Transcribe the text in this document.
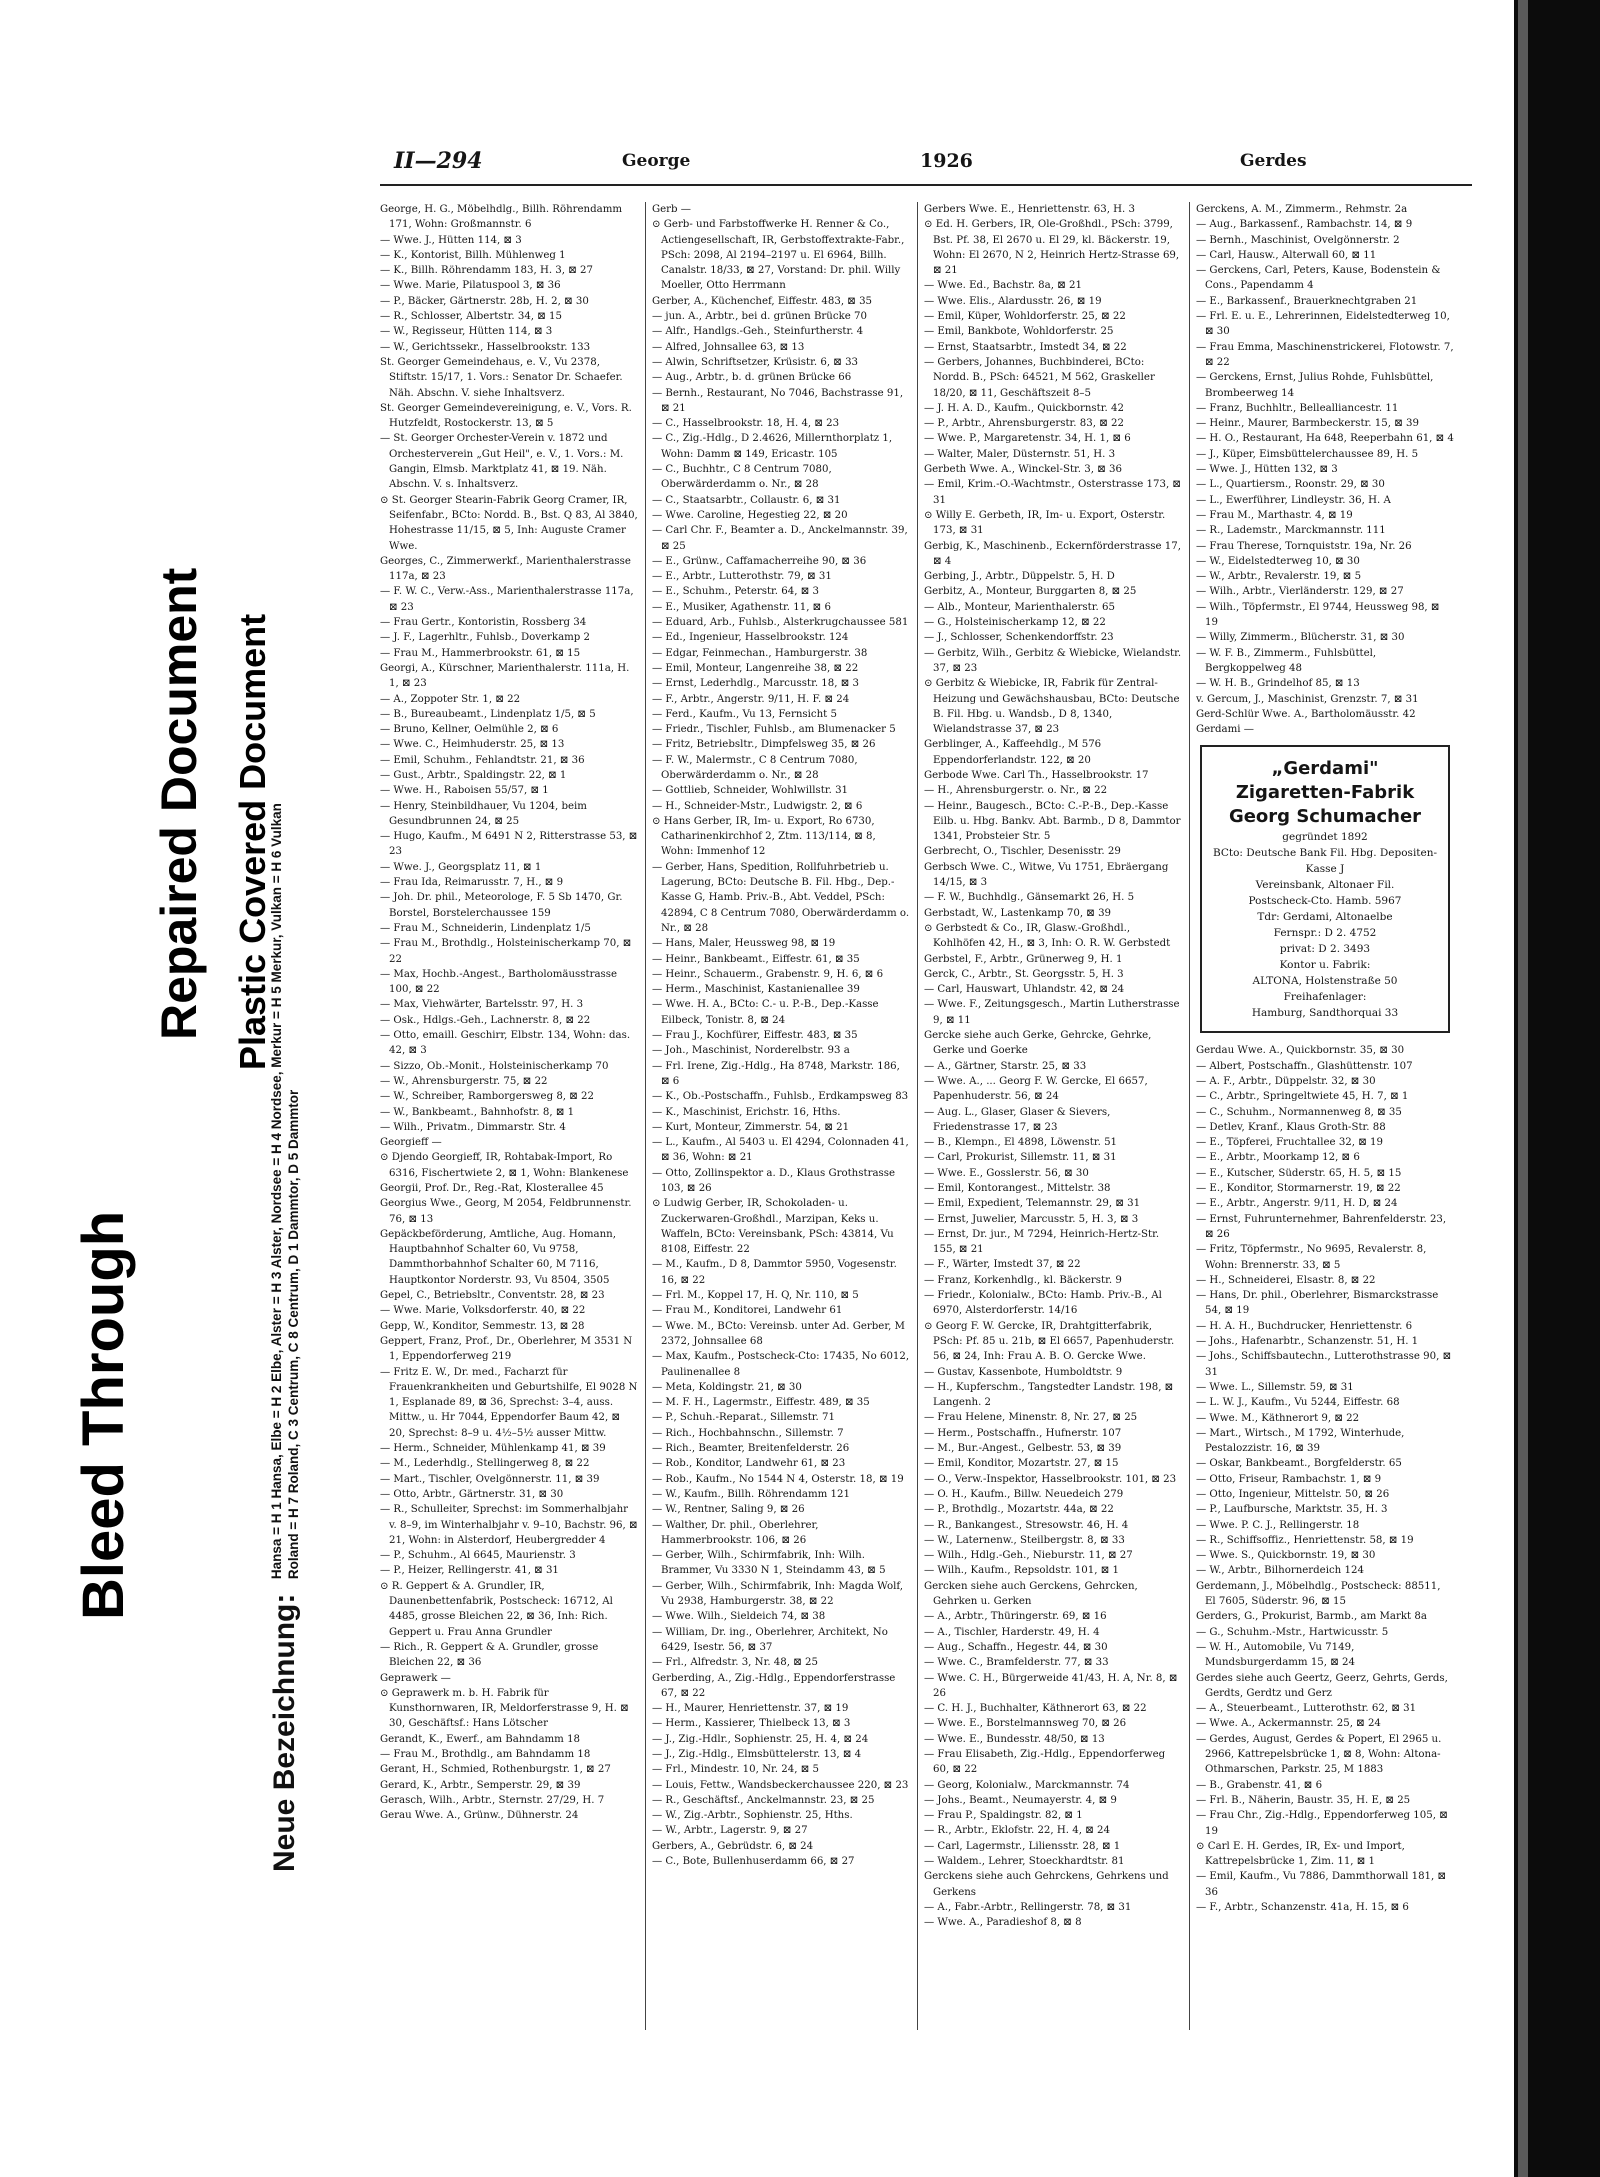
Bleed Through
Repaired Document Plastic Covered Document
Neue Bezeichnung: Hansa = H 1 Hansa, Elbe = H 2 Elbe, Alster = H 3 Alster, Nordsee = H 4 Nordsee, Merkur = H 5 Merkur, Vulkan = H 6 Vulkan Roland = H 7 Roland, C 3 Centrum, C 8 Centrum, D 1 Dammtor, D 5 Dammtor
II—294	George	1926	Gerdes

George, H. G., Möbelhdlg., Billh. Röhrendamm 171, Wohn: Großmannstr. 6

— Wwe. J., Hütten 114, ⊠ 3

— K., Kontorist, Billh. Mühlenweg 1

— K., Billh. Röhrendamm 183, H. 3, ⊠ 27

— Wwe. Marie, Pilatuspool 3, ⊠ 36

— P., Bäcker, Gärtnerstr. 28b, H. 2, ⊠ 30

— R., Schlosser, Albertstr. 34, ⊠ 15

— W., Regisseur, Hütten 114, ⊠ 3

— W., Gerichtssekr., Hasselbrookstr. 133

St. Georger Gemeindehaus, e. V., Vu 2378, Stiftstr. 15/17, 1. Vors.: Senator Dr. Schaefer. Näh. Abschn. V. siehe Inhaltsverz.

St. Georger Gemeindevereinigung, e. V., Vors. R. Hutzfeldt, Rostockerstr. 13, ⊠ 5

— St. Georger Orchester-Verein v. 1872 und Orchesterverein „Gut Heil", e. V., 1. Vors.: M. Gangin, Elmsb. Marktplatz 41, ⊠ 19. Näh. Abschn. V. s. Inhaltsverz.

⊙ St. Georger Stearin-Fabrik Georg Cramer, IR, Seifenfabr., BCto: Nordd. B., Bst. Q 83, Al 3840, Hohestrasse 11/15, ⊠ 5, Inh: Auguste Cramer Wwe.

Georges, C., Zimmerwerkf., Marienthalerstrasse 117a, ⊠ 23

— F. W. C., Verw.-Ass., Marienthalerstrasse 117a, ⊠ 23

— Frau Gertr., Kontoristin, Rossberg 34

— J. F., Lagerhltr., Fuhlsb., Doverkamp 2

— Frau M., Hammerbrookstr. 61, ⊠ 15

Georgi, A., Kürschner, Marienthalerstr. 111a, H. 1, ⊠ 23

— A., Zoppoter Str. 1, ⊠ 22

— B., Bureaubeamt., Lindenplatz 1/5, ⊠ 5

— Bruno, Kellner, Oelmühle 2, ⊠ 6

— Wwe. C., Heimhuderstr. 25, ⊠ 13

— Emil, Schuhm., Fehlandtstr. 21, ⊠ 36

— Gust., Arbtr., Spaldingstr. 22, ⊠ 1

— Wwe. H., Raboisen 55/57, ⊠ 1

— Henry, Steinbildhauer, Vu 1204, beim Gesundbrunnen 24, ⊠ 25

— Hugo, Kaufm., M 6491 N 2, Ritterstrasse 53, ⊠ 23

— Wwe. J., Georgsplatz 11, ⊠ 1

— Frau Ida, Reimarusstr. 7, H., ⊠ 9

— Joh. Dr. phil., Meteorologe, F. 5 Sb 1470, Gr. Borstel, Borstelerchaussee 159

— Frau M., Schneiderin, Lindenplatz 1/5

— Frau M., Brothdlg., Holsteinischerkamp 70, ⊠ 22

— Max, Hochb.-Angest., Bartholomäusstrasse 100, ⊠ 22

— Max, Viehwärter, Bartelsstr. 97, H. 3

— Osk., Hdlgs.-Geh., Lachnerstr. 8, ⊠ 22

— Otto, emaill. Geschirr, Elbstr. 134, Wohn: das. 42, ⊠ 3

— Sizzo, Ob.-Monit., Holsteinischerkamp 70

— W., Ahrensburgerstr. 75, ⊠ 22

— W., Schreiber, Ramborgersweg 8, ⊠ 22

— W., Bankbeamt., Bahnhofstr. 8, ⊠ 1

— Wilh., Privatm., Dimmarstr. Str. 4

Georgieff —

⊙ Djendo Georgieff, IR, Rohtabak-Import, Ro 6316, Fischertwiete 2, ⊠ 1, Wohn: Blankenese

Georgii, Prof. Dr., Reg.-Rat, Klosterallee 45

Georgius Wwe., Georg, M 2054, Feldbrunnenstr. 76, ⊠ 13

Gepäckbeförderung, Amtliche, Aug. Homann, Hauptbahnhof Schalter 60, Vu 9758, Dammthorbahnhof Schalter 60, M 7116, Hauptkontor Norderstr. 93, Vu 8504, 3505

Gepel, C., Betriebsltr., Conventstr. 28, ⊠ 23

— Wwe. Marie, Volksdorferstr. 40, ⊠ 22

Gepp, W., Konditor, Semmestr. 13, ⊠ 28

Geppert, Franz, Prof., Dr., Oberlehrer, M 3531 N 1, Eppendorferweg 219

— Fritz E. W., Dr. med., Facharzt für Frauenkrankheiten und Geburtshilfe, El 9028 N 1, Esplanade 89, ⊠ 36, Sprechst: 3–4, auss. Mittw., u. Hr 7044, Eppendorfer Baum 42, ⊠ 20, Sprechst: 8–9 u. 4½–5½ ausser Mittw.

— Herm., Schneider, Mühlenkamp 41, ⊠ 39

— M., Lederhdlg., Stellingerweg 8, ⊠ 22

— Mart., Tischler, Ovelgönnerstr. 11, ⊠ 39

— Otto, Arbtr., Gärtnerstr. 31, ⊠ 30

— R., Schulleiter, Sprechst: im Sommerhalbjahr v. 8–9, im Winterhalbjahr v. 9–10, Bachstr. 96, ⊠ 21, Wohn: in Alsterdorf, Heubergredder 4

— P., Schuhm., Al 6645, Maurienstr. 3

— P., Heizer, Rellingerstr. 41, ⊠ 31

⊙ R. Geppert & A. Grundler, IR, Daunenbettenfabrik, Postscheck: 16712, Al 4485, grosse Bleichen 22, ⊠ 36, Inh: Rich. Geppert u. Frau Anna Grundler

— Rich., R. Geppert & A. Grundler, grosse Bleichen 22, ⊠ 36

Geprawerk —

⊙ Geprawerk m. b. H. Fabrik für Kunsthornwaren, IR, Meldorferstrasse 9, H. ⊠ 30, Geschäftsf.: Hans Lötscher

Gerandt, K., Ewerf., am Bahndamm 18

— Frau M., Brothdlg., am Bahndamm 18

Gerant, H., Schmied, Rothenburgstr. 1, ⊠ 27

Gerard, K., Arbtr., Semperstr. 29, ⊠ 39

Gerasch, Wilh., Arbtr., Sternstr. 27/29, H. 7

Gerau Wwe. A., Grünw., Dühnerstr. 24

Gerb —

⊙ Gerb- und Farbstoffwerke H. Renner & Co., Actiengesellschaft, IR, Gerbstoffextrakte-Fabr., PSch: 2098, Al 2194–2197 u. El 6964, Billh. Canalstr. 18/33, ⊠ 27, Vorstand: Dr. phil. Willy Moeller, Otto Herrmann

Gerber, A., Küchenchef, Eiffestr. 483, ⊠ 35

— jun. A., Arbtr., bei d. grünen Brücke 70

— Alfr., Handlgs.-Geh., Steinfurtherstr. 4

— Alfred, Johnsallee 63, ⊠ 13

— Alwin, Schriftsetzer, Krüsistr. 6, ⊠ 33

— Aug., Arbtr., b. d. grünen Brücke 66

— Bernh., Restaurant, No 7046, Bachstrasse 91, ⊠ 21

— C., Hasselbrookstr. 18, H. 4, ⊠ 23

— C., Zig.-Hdlg., D 2.4626, Millernthorplatz 1, Wohn: Damm ⊠ 149, Ericastr. 105

— C., Buchhtr., C 8 Centrum 7080, Oberwärderdamm o. Nr., ⊠ 28

— C., Staatsarbtr., Collaustr. 6, ⊠ 31

— Wwe. Caroline, Hegestieg 22, ⊠ 20

— Carl Chr. F., Beamter a. D., Anckelmannstr. 39, ⊠ 25

— E., Grünw., Caffamacherreihe 90, ⊠ 36

— E., Arbtr., Lutterothstr. 79, ⊠ 31

— E., Schuhm., Peterstr. 64, ⊠ 3

— E., Musiker, Agathenstr. 11, ⊠ 6

— Eduard, Arb., Fuhlsb., Alsterkrugchaussee 581

— Ed., Ingenieur, Hasselbrookstr. 124

— Edgar, Feinmechan., Hamburgerstr. 38

— Emil, Monteur, Langenreihe 38, ⊠ 22

— Ernst, Lederhdlg., Marcusstr. 18, ⊠ 3

— F., Arbtr., Angerstr. 9/11, H. F. ⊠ 24

— Ferd., Kaufm., Vu 13, Fernsicht 5

— Friedr., Tischler, Fuhlsb., am Blumenacker 5

— Fritz, Betriebsltr., Dimpfelsweg 35, ⊠ 26

— F. W., Malermstr., C 8 Centrum 7080, Oberwärderdamm o. Nr., ⊠ 28

— Gottlieb, Schneider, Wohlwillstr. 31

— H., Schneider-Mstr., Ludwigstr. 2, ⊠ 6

⊙ Hans Gerber, IR, Im- u. Export, Ro 6730, Catharinenkirchhof 2, Ztm. 113/114, ⊠ 8, Wohn: Immenhof 12

— Gerber, Hans, Spedition, Rollfuhrbetrieb u. Lagerung, BCto: Deutsche B. Fil. Hbg., Dep.-Kasse G, Hamb. Priv.-B., Abt. Veddel, PSch: 42894, C 8 Centrum 7080, Oberwärderdamm o. Nr., ⊠ 28

— Hans, Maler, Heussweg 98, ⊠ 19

— Heinr., Bankbeamt., Eiffestr. 61, ⊠ 35

— Heinr., Schauerm., Grabenstr. 9, H. 6, ⊠ 6

— Herm., Maschinist, Kastanienallee 39

— Wwe. H. A., BCto: C.- u. P.-B., Dep.-Kasse Eilbeck, Tonistr. 8, ⊠ 24

— Frau J., Kochfürer, Eiffestr. 483, ⊠ 35

— Joh., Maschinist, Norderelbstr. 93 a

— Frl. Irene, Zig.-Hdlg., Ha 8748, Markstr. 186, ⊠ 6

— K., Ob.-Postschaffn., Fuhlsb., Erdkampsweg 83

— K., Maschinist, Erichstr. 16, Hths.

— Kurt, Monteur, Zimmerstr. 54, ⊠ 21

— L., Kaufm., Al 5403 u. El 4294, Colonnaden 41, ⊠ 36, Wohn: ⊠ 21

— Otto, Zollinspektor a. D., Klaus Grothstrasse 103, ⊠ 26

⊙ Ludwig Gerber, IR, Schokoladen- u. Zuckerwaren-Großhdl., Marzipan, Keks u. Waffeln, BCto: Vereinsbank, PSch: 43814, Vu 8108, Eiffestr. 22

— M., Kaufm., D 8, Dammtor 5950, Vogesenstr. 16, ⊠ 22

— Frl. M., Koppel 17, H. Q, Nr. 110, ⊠ 5

— Frau M., Konditorei, Landwehr 61

— Wwe. M., BCto: Vereinsb. unter Ad. Gerber, M 2372, Johnsallee 68

— Max, Kaufm., Postscheck-Cto: 17435, No 6012, Paulinenallee 8

— Meta, Koldingstr. 21, ⊠ 30

— M. F. H., Lagermstr., Eiffestr. 489, ⊠ 35

— P., Schuh.-Reparat., Sillemstr. 71

— Rich., Hochbahnschn., Sillemstr. 7

— Rich., Beamter, Breitenfelderstr. 26

— Rob., Konditor, Landwehr 61, ⊠ 23

— Rob., Kaufm., No 1544 N 4, Osterstr. 18, ⊠ 19

— W., Kaufm., Billh. Röhrendamm 121

— W., Rentner, Saling 9, ⊠ 26

— Walther, Dr. phil., Oberlehrer, Hammerbrookstr. 106, ⊠ 26

— Gerber, Wilh., Schirmfabrik, Inh: Wilh. Brammer, Vu 3330 N 1, Steindamm 43, ⊠ 5

— Gerber, Wilh., Schirmfabrik, Inh: Magda Wolf, Vu 2938, Hamburgerstr. 38, ⊠ 22

— Wwe. Wilh., Sieldeich 74, ⊠ 38

— William, Dr. ing., Oberlehrer, Architekt, No 6429, Isestr. 56, ⊠ 37

— Frl., Alfredstr. 3, Nr. 48, ⊠ 25

Gerberding, A., Zig.-Hdlg., Eppendorferstrasse 67, ⊠ 22

— H., Maurer, Henriettenstr. 37, ⊠ 19

— Herm., Kassierer, Thielbeck 13, ⊠ 3

— J., Zig.-Hdlr., Sophienstr. 25, H. 4, ⊠ 24

— J., Zig.-Hdlg., Elmsbüttelerstr. 13, ⊠ 4

— Frl., Mindestr. 10, Nr. 24, ⊠ 5

— Louis, Fettw., Wandsbeckerchaussee 220, ⊠ 23

— R., Geschäftsf., Anckelmannstr. 23, ⊠ 25

— W., Zig.-Arbtr., Sophienstr. 25, Hths.

— W., Arbtr., Lagerstr. 9, ⊠ 27

Gerbers, A., Gebrüdstr. 6, ⊠ 24

— C., Bote, Bullenhuserdamm 66, ⊠ 27

Gerbers Wwe. E., Henriettenstr. 63, H. 3

⊙ Ed. H. Gerbers, IR, Ole-Großhdl., PSch: 3799, Bst. Pf. 38, El 2670 u. El 29, kl. Bäckerstr. 19, Wohn: El 2670, N 2, Heinrich Hertz-Strasse 69, ⊠ 21

— Wwe. Ed., Bachstr. 8a, ⊠ 21

— Wwe. Elis., Alardusstr. 26, ⊠ 19

— Emil, Küper, Wohldorferstr. 25, ⊠ 22

— Emil, Bankbote, Wohldorferstr. 25

— Ernst, Staatsarbtr., Imstedt 34, ⊠ 22

— Gerbers, Johannes, Buchbinderei, BCto: Nordd. B., PSch: 64521, M 562, Graskeller 18/20, ⊠ 11, Geschäftszeit 8–5

— J. H. A. D., Kaufm., Quickbornstr. 42

— P., Arbtr., Ahrensburgerstr. 83, ⊠ 22

— Wwe. P., Margaretenstr. 34, H. 1, ⊠ 6

— Walter, Maler, Düsternstr. 51, H. 3

Gerbeth Wwe. A., Winckel-Str. 3, ⊠ 36

— Emil, Krim.-O.-Wachtmstr., Osterstrasse 173, ⊠ 31

⊙ Willy E. Gerbeth, IR, Im- u. Export, Osterstr. 173, ⊠ 31

Gerbig, K., Maschinenb., Eckernförderstrasse 17, ⊠ 4

Gerbing, J., Arbtr., Düppelstr. 5, H. D

Gerbitz, A., Monteur, Burggarten 8, ⊠ 25

— Alb., Monteur, Marienthalerstr. 65

— G., Holsteinischerkamp 12, ⊠ 22

— J., Schlosser, Schenkendorffstr. 23

— Gerbitz, Wilh., Gerbitz & Wiebicke, Wielandstr. 37, ⊠ 23

⊙ Gerbitz & Wiebicke, IR, Fabrik für Zentral-Heizung und Gewächshausbau, BCto: Deutsche B. Fil. Hbg. u. Wandsb., D 8, 1340, Wielandstrasse 37, ⊠ 23

Gerblinger, A., Kaffeehdlg., M 576 Eppendorferlandstr. 122, ⊠ 20

Gerbode Wwe. Carl Th., Hasselbrookstr. 17

— H., Ahrensburgerstr. o. Nr., ⊠ 22

— Heinr., Baugesch., BCto: C.-P.-B., Dep.-Kasse Eilb. u. Hbg. Bankv. Abt. Barmb., D 8, Dammtor 1341, Probsteier Str. 5

Gerbrecht, O., Tischler, Desenisstr. 29

Gerbsch Wwe. C., Witwe, Vu 1751, Ebräergang 14/15, ⊠ 3

— F. W., Buchhdlg., Gänsemarkt 26, H. 5

Gerbstadt, W., Lastenkamp 70, ⊠ 39

⊙ Gerbstedt & Co., IR, Glasw.-Großhdl., Kohlhöfen 42, H., ⊠ 3, Inh: O. R. W. Gerbstedt

Gerbstel, F., Arbtr., Grünerweg 9, H. 1

Gerck, C., Arbtr., St. Georgsstr. 5, H. 3

— Carl, Hauswart, Uhlandstr. 42, ⊠ 24

— Wwe. F., Zeitungsgesch., Martin Lutherstrasse 9, ⊠ 11

Gercke siehe auch Gerke, Gehrcke, Gehrke, Gerke und Goerke

— A., Gärtner, Starstr. 25, ⊠ 33

— Wwe. A., ... Georg F. W. Gercke, El 6657, Papenhuderstr. 56, ⊠ 24

— Aug. L., Glaser, Glaser & Sievers, Friedenstrasse 17, ⊠ 23

— B., Klempn., El 4898, Löwenstr. 51

— Carl, Prokurist, Sillemstr. 11, ⊠ 31

— Wwe. E., Gosslerstr. 56, ⊠ 30

— Emil, Kontorangest., Mittelstr. 38

— Emil, Expedient, Telemannstr. 29, ⊠ 31

— Ernst, Juwelier, Marcusstr. 5, H. 3, ⊠ 3

— Ernst, Dr. jur., M 7294, Heinrich-Hertz-Str. 155, ⊠ 21

— F., Wärter, Imstedt 37, ⊠ 22

— Franz, Korkenhdlg., kl. Bäckerstr. 9

— Friedr., Kolonialw., BCto: Hamb. Priv.-B., Al 6970, Alsterdorferstr. 14/16

⊙ Georg F. W. Gercke, IR, Drahtgitterfabrik, PSch: Pf. 85 u. 21b, ⊠ El 6657, Papenhuderstr. 56, ⊠ 24, Inh: Frau A. B. O. Gercke Wwe.

— Gustav, Kassenbote, Humboldtstr. 9

— H., Kupferschm., Tangstedter Landstr. 198, ⊠ Langenh. 2

— Frau Helene, Minenstr. 8, Nr. 27, ⊠ 25

— Herm., Postschaffn., Hufnerstr. 107

— M., Bur.-Angest., Gelbestr. 53, ⊠ 39

— Emil, Konditor, Mozartstr. 27, ⊠ 15

— O., Verw.-Inspektor, Hasselbrookstr. 101, ⊠ 23

— O. H., Kaufm., Billw. Neuedeich 279

— P., Brothdlg., Mozartstr. 44a, ⊠ 22

— R., Bankangest., Stresowstr. 46, H. 4

— W., Laternenw., Steilbergstr. 8, ⊠ 33

— Wilh., Hdlg.-Geh., Nieburstr. 11, ⊠ 27

— Wilh., Kaufm., Repsoldstr. 101, ⊠ 1

Gercken siehe auch Gerckens, Gehrcken, Gehrken u. Gerken

— A., Arbtr., Thüringerstr. 69, ⊠ 16

— A., Tischler, Harderstr. 49, H. 4

— Aug., Schaffn., Hegestr. 44, ⊠ 30

— Wwe. C., Bramfelderstr. 77, ⊠ 33

— Wwe. C. H., Bürgerweide 41/43, H. A, Nr. 8, ⊠ 26

— C. H. J., Buchhalter, Käthnerort 63, ⊠ 22

— Wwe. E., Borstelmannsweg 70, ⊠ 26

— Wwe. E., Bundesstr. 48/50, ⊠ 13

— Frau Elisabeth, Zig.-Hdlg., Eppendorferweg 60, ⊠ 22

— Georg, Kolonialw., Marckmannstr. 74

— Johs., Beamt., Neumayerstr. 4, ⊠ 9

— Frau P., Spaldingstr. 82, ⊠ 1

— R., Arbtr., Eklofstr. 22, H. 4, ⊠ 24

— Carl, Lagermstr., Liliensstr. 28, ⊠ 1

— Waldem., Lehrer, Stoeckhardtstr. 81

Gerckens siehe auch Gehrckens, Gehrkens und Gerkens

— A., Fabr.-Arbtr., Rellingerstr. 78, ⊠ 31

— Wwe. A., Paradieshof 8, ⊠ 8

Gerckens, A. M., Zimmerm., Rehmstr. 2a

— Aug., Barkassenf., Rambachstr. 14, ⊠ 9

— Bernh., Maschinist, Ovelgönnerstr. 2

— Carl, Hausw., Alterwall 60, ⊠ 11

— Gerckens, Carl, Peters, Kause, Bodenstein & Cons., Papendamm 4

— E., Barkassenf., Brauerknechtgraben 21

— Frl. E. u. E., Lehrerinnen, Eidelstedterweg 10, ⊠ 30

— Frau Emma, Maschinenstrickerei, Flotowstr. 7, ⊠ 22

— Gerckens, Ernst, Julius Rohde, Fuhlsbüttel, Brombeerweg 14

— Franz, Buchhltr., Bellealliancestr. 11

— Heinr., Maurer, Barmbeckerstr. 15, ⊠ 39

— H. O., Restaurant, Ha 648, Reeperbahn 61, ⊠ 4

— J., Küper, Eimsbüttelerchaussee 89, H. 5

— Wwe. J., Hütten 132, ⊠ 3

— L., Quartiersm., Roonstr. 29, ⊠ 30

— L., Ewerführer, Lindleystr. 36, H. A

— Frau M., Marthastr. 4, ⊠ 19

— R., Lademstr., Marckmannstr. 111

— Frau Therese, Tornquiststr. 19a, Nr. 26

— W., Eidelstedterweg 10, ⊠ 30

— W., Arbtr., Revalerstr. 19, ⊠ 5

— Wilh., Arbtr., Vierländerstr. 129, ⊠ 27

— Wilh., Töpfermstr., El 9744, Heussweg 98, ⊠ 19

— Willy, Zimmerm., Blücherstr. 31, ⊠ 30

— W. F. B., Zimmerm., Fuhlsbüttel, Bergkoppelweg 48

— W. H. B., Grindelhof 85, ⊠ 13

v. Gercum, J., Maschinist, Grenzstr. 7, ⊠ 31

Gerd-Schlür Wwe. A., Bartholomäusstr. 42

Gerdami —

„Gerdami"
Zigaretten-Fabrik
Georg Schumacher
gegründet 1892
BCto: Deutsche Bank Fil. Hbg. Depositen-Kasse J
Vereinsbank, Altonaer Fil.
Postscheck-Cto. Hamb. 5967
Tdr: Gerdami, Altonaelbe
Fernspr.: D 2. 4752
privat: D 2. 3493
Kontor u. Fabrik:
ALTONA, Holstenstraße 50
Freihafenlager:
Hamburg, Sandthorquai 33

Gerdau Wwe. A., Quickbornstr. 35, ⊠ 30

— Albert, Postschaffn., Glashüttenstr. 107

— A. F., Arbtr., Düppelstr. 32, ⊠ 30

— C., Arbtr., Springeltwiete 45, H. 7, ⊠ 1

— C., Schuhm., Normannenweg 8, ⊠ 35

— Detlev, Kranf., Klaus Groth-Str. 88

— E., Töpferei, Fruchtallee 32, ⊠ 19

— E., Arbtr., Moorkamp 12, ⊠ 6

— E., Kutscher, Süderstr. 65, H. 5, ⊠ 15

— E., Konditor, Stormarnerstr. 19, ⊠ 22

— E., Arbtr., Angerstr. 9/11, H. D, ⊠ 24

— Ernst, Fuhrunternehmer, Bahrenfelderstr. 23, ⊠ 26

— Fritz, Töpfermstr., No 9695, Revalerstr. 8, Wohn: Brennerstr. 33, ⊠ 5

— H., Schneiderei, Elsastr. 8, ⊠ 22

— Hans, Dr. phil., Oberlehrer, Bismarckstrasse 54, ⊠ 19

— H. A. H., Buchdrucker, Henriettenstr. 6

— Johs., Hafenarbtr., Schanzenstr. 51, H. 1

— Johs., Schiffsbautechn., Lutterothstrasse 90, ⊠ 31

— Wwe. L., Sillemstr. 59, ⊠ 31

— L. W. J., Kaufm., Vu 5244, Eiffestr. 68

— Wwe. M., Käthnerort 9, ⊠ 22

— Mart., Wirtsch., M 1792, Winterhude, Pestalozzistr. 16, ⊠ 39

— Oskar, Bankbeamt., Borgfelderstr. 65

— Otto, Friseur, Rambachstr. 1, ⊠ 9

— Otto, Ingenieur, Mittelstr. 50, ⊠ 26

— P., Laufbursche, Marktstr. 35, H. 3

— Wwe. P. C. J., Rellingerstr. 18

— R., Schiffsoffiz., Henriettenstr. 58, ⊠ 19

— Wwe. S., Quickbornstr. 19, ⊠ 30

— W., Arbtr., Bilhornerdeich 124

Gerdemann, J., Möbelhdlg., Postscheck: 88511, El 7605, Süderstr. 96, ⊠ 15

Gerders, G., Prokurist, Barmb., am Markt 8a

— G., Schuhm.-Mstr., Hartwicusstr. 5

— W. H., Automobile, Vu 7149, Mundsburgerdamm 15, ⊠ 24

Gerdes siehe auch Geertz, Geerz, Gehrts, Gerds, Gerdts, Gerdtz und Gerz

— A., Steuerbeamt., Lutterothstr. 62, ⊠ 31

— Wwe. A., Ackermannstr. 25, ⊠ 24

— Gerdes, August, Gerdes & Popert, El 2965 u. 2966, Kattrepelsbrücke 1, ⊠ 8, Wohn: Altona-Othmarschen, Parkstr. 25, M 1883

— B., Grabenstr. 41, ⊠ 6

— Frl. B., Näherin, Baustr. 35, H. E, ⊠ 25

— Frau Chr., Zig.-Hdlg., Eppendorferweg 105, ⊠ 19

⊙ Carl E. H. Gerdes, IR, Ex- und Import, Kattrepelsbrücke 1, Zim. 11, ⊠ 1

— Emil, Kaufm., Vu 7886, Dammthorwall 181, ⊠ 36

— F., Arbtr., Schanzenstr. 41a, H. 15, ⊠ 6
